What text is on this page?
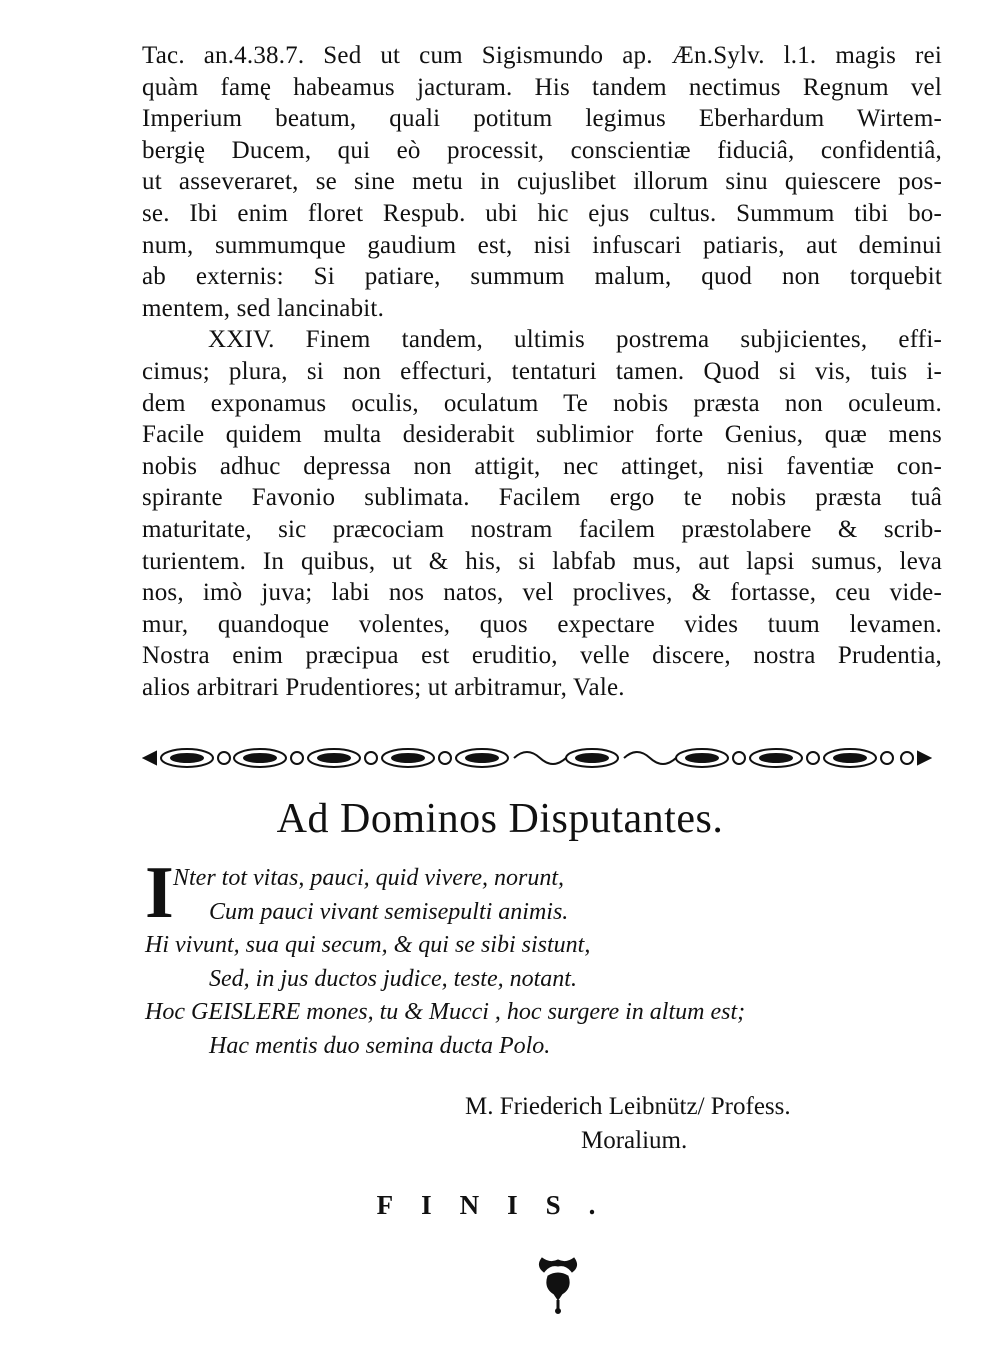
Tac. an.4.38.7. Sed ut cum Sigismundo ap. Æn.Sylv. l.1. magis rei
quàm famę habeamus jacturam. His tandem nectimus Regnum vel
Imperium beatum, quali potitum legimus Eberhardum Wirtem-
bergię Ducem, qui eò processit, conscientiæ fiduciâ, confidentiâ,
ut asseveraret, se sine metu in cujuslibet illorum sinu quiescere pos-
se. Ibi enim floret Respub. ubi hic ejus cultus. Summum tibi bo-
num, summumque gaudium est, nisi infuscari patiaris, aut deminui
ab externis: Si patiare, summum malum, quod non torquebit
mentem, sed lancinabit.
XXIV. Finem tandem, ultimis postrema subjicientes, effi-
cimus; plura, si non effecturi, tentaturi tamen. Quod si vis, tuis i-
dem exponamus oculis, oculatum Te nobis præsta non oculeum.
Facile quidem multa desiderabit sublimior forte Genius, quæ mens
nobis adhuc depressa non attigit, nec attinget, nisi faventiæ con-
spirante Favonio sublimata. Facilem ergo te nobis præsta tuâ
maturitate, sic præcociam nostram facilem præstolabere & scrib-
turientem. In quibus, ut & his, si labfab mus, aut lapsi sumus, leva
nos, imò juva; labi nos natos, vel proclives, & fortasse, ceu vide-
mur, quandoque volentes, quos expectare vides tuum levamen.
Nostra enim præcipua est eruditio, velle discere, nostra Prudentia,
alios arbitrari Prudentiores; ut arbitramur, Vale.
Ad Dominos Disputantes.
I Nter tot vitas, pauci, quid vivere, norunt,
Cum pauci vivant semisepulti animis.
Hi vivunt, sua qui secum, & qui se sibi sistunt,
Sed, in jus ductos judice, teste, notant.
Hoc GEISLERE mones, tu & Mucci , hoc surgere in altum est;
Hac mentis duo semina ducta Polo.
M. Friederich Leibnütz/ Profess.
Moralium.
FINIS.
